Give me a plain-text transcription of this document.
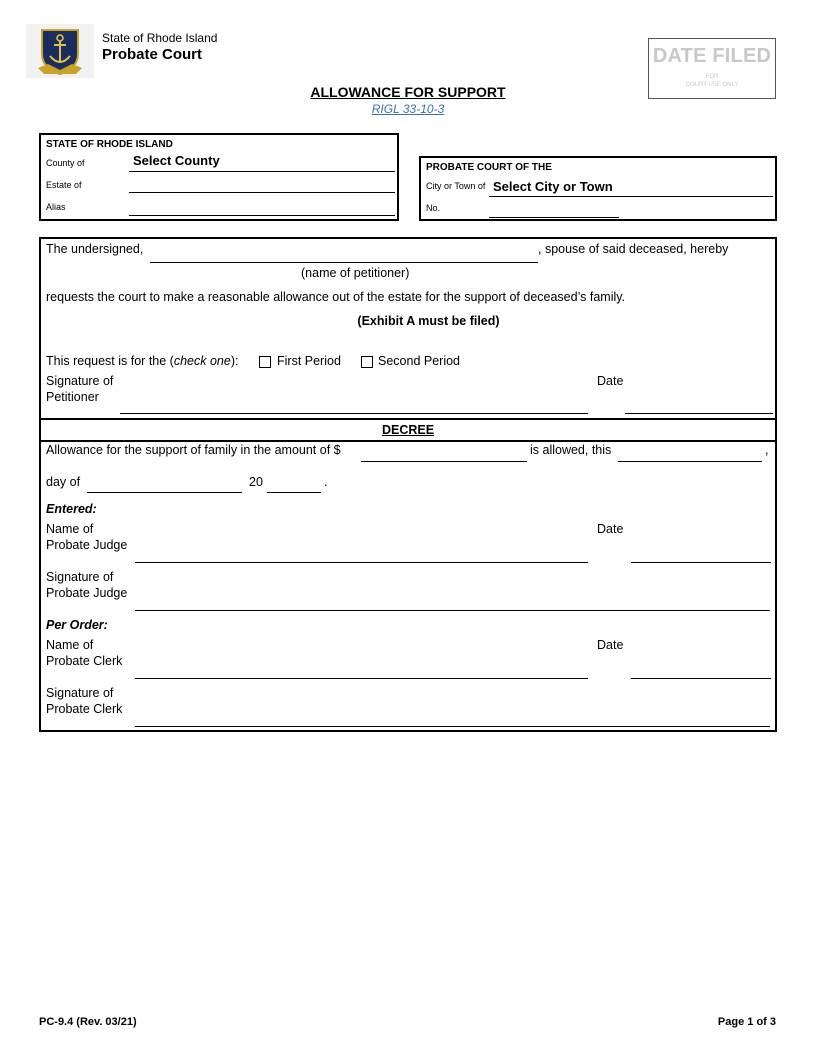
State of Rhode Island
Probate Court	DATE FILED
FOR
COURT USE ONLY
ALLOWANCE FOR SUPPORT
RIGL 33-10-3
STATE OF RHODE ISLAND
County of	Select County
Estate of
Alias
PROBATE COURT OF THE
City or Town of Select City or Town
No.
The undersigned,	, spouse of said deceased, hereby
(name of petitioner)
requests the court to make a reasonable allowance out of the estate for the support of deceased’s family.
(Exhibit A must be filed)
This request is for the (check one):	First Period	Second Period
Signature of
Petitioner
Date
DECREE
Allowance for the support of family in the amount of $	is allowed, this	,
day of	20	.
Entered:
Name of
Probate Judge
Date
Signature of
Probate Judge
Per Order:
Name of
Probate Clerk
Date
Signature of
Probate Clerk
PC-9.4 (Rev. 03/21)	Page 1 of 3
